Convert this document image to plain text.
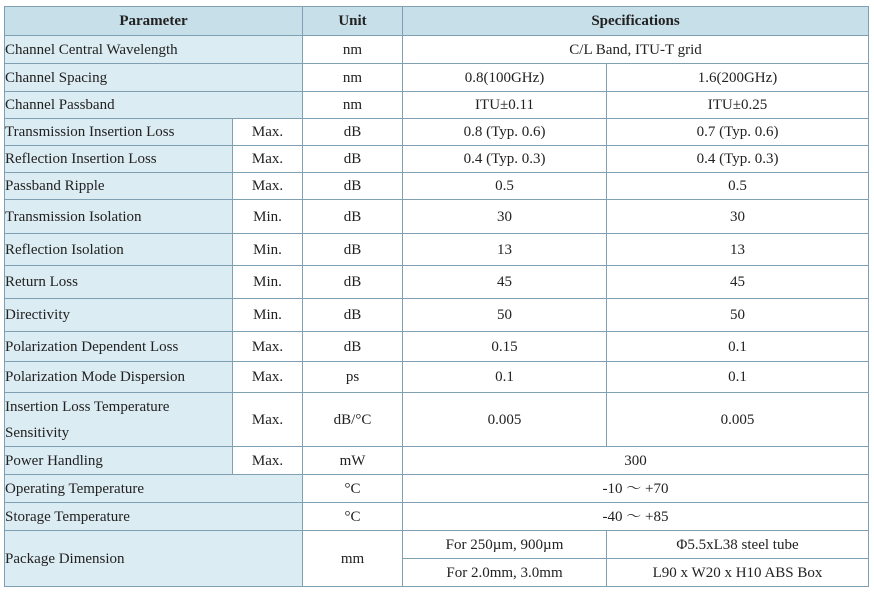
Parameter		Unit	Specifications	
Channel Central Wavelength		nm	C/L Band, ITU-T grid	
Channel Spacing		nm	0.8(100GHz)	1.6(200GHz)
Channel Passband		nm	ITU±0.11	ITU±0.25
Transmission Insertion Loss	Max.	dB	0.8 (Typ. 0.6)	0.7 (Typ. 0.6)
Reflection Insertion Loss	Max.	dB	0.4 (Typ. 0.3)	0.4 (Typ. 0.3)
Passband Ripple	Max.	dB	0.5	0.5
Transmission Isolation	Min.	dB	30	30
Reflection Isolation	Min.	dB	13	13
Return Loss	Min.	dB	45	45
Directivity	Min.	dB	50	50
Polarization Dependent Loss	Max.	dB	0.15	0.1
Polarization Mode Dispersion	Max.	ps	0.1	0.1
Insertion Loss Temperature Sensitivity	Max.	dB/°C	0.005	0.005
Power Handling	Max.	mW	300	
Operating Temperature		°C	-10 ～ +70	
Storage Temperature		°C	-40 ～ +85	
Package Dimension		mm	For 250µm, 900µm	Φ5.5xL38 steel tube
			For 2.0mm, 3.0mm	L90 x W20 x H10 ABS Box
